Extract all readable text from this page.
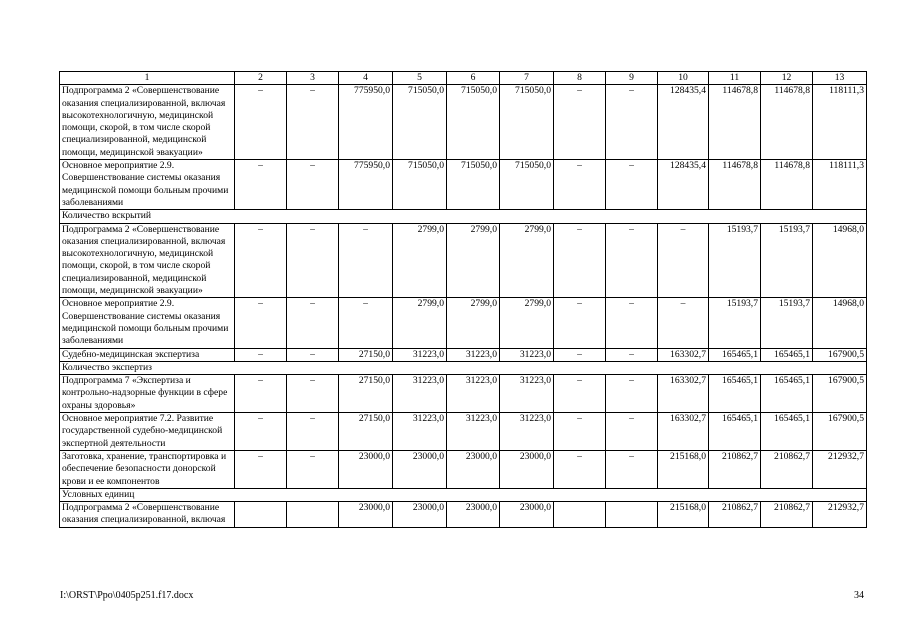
1	2	3	4	5	6	7	8	9	10	11	12	13
Подпрограмма 2 «Совершенствование оказания специализированной, включая высокотехнологичную, медицинской помощи, скорой, в том числе скорой специализированной, медицинской помощи, медицинской эвакуации»	–	–	775950,0	715050,0	715050,0	715050,0	–	–	128435,4	114678,8	114678,8	118111,3
Основное мероприятие 2.9. Совершенствование системы оказания медицинской помощи больным прочими заболеваниями	–	–	775950,0	715050,0	715050,0	715050,0	–	–	128435,4	114678,8	114678,8	118111,3
Количество вскрытий												
Подпрограмма 2 «Совершенствование оказания специализированной, включая высокотехнологичную, медицинской помощи, скорой, в том числе скорой специализированной, медицинской помощи, медицинской эвакуации»	–	–	–	2799,0	2799,0	2799,0	–	–	–	15193,7	15193,7	14968,0
Основное мероприятие 2.9. Совершенствование системы оказания медицинской помощи больным прочими заболеваниями	–	–	–	2799,0	2799,0	2799,0	–	–	–	15193,7	15193,7	14968,0
Судебно-медицинская экспертиза	–	–	27150,0	31223,0	31223,0	31223,0	–	–	163302,7	165465,1	165465,1	167900,5
Количество экспертиз												
Подпрограмма 7 «Экспертиза и контрольно-надзорные функции в сфере охраны здоровья»	–	–	27150,0	31223,0	31223,0	31223,0	–	–	163302,7	165465,1	165465,1	167900,5
Основное мероприятие 7.2. Развитие государственной судебно-медицинской экспертной деятельности	–	–	27150,0	31223,0	31223,0	31223,0	–	–	163302,7	165465,1	165465,1	167900,5
Заготовка, хранение, транспортировка и обеспечение безопасности донорской крови и ее компонентов	–	–	23000,0	23000,0	23000,0	23000,0	–	–	215168,0	210862,7	210862,7	212932,7
Условных единиц												
Подпрограмма 2 «Совершенствование оказания специализированной, включая			23000,0	23000,0	23000,0	23000,0			215168,0	210862,7	210862,7	212932,7
I:\ORST\Ppo\0405p251.f17.docx	34
